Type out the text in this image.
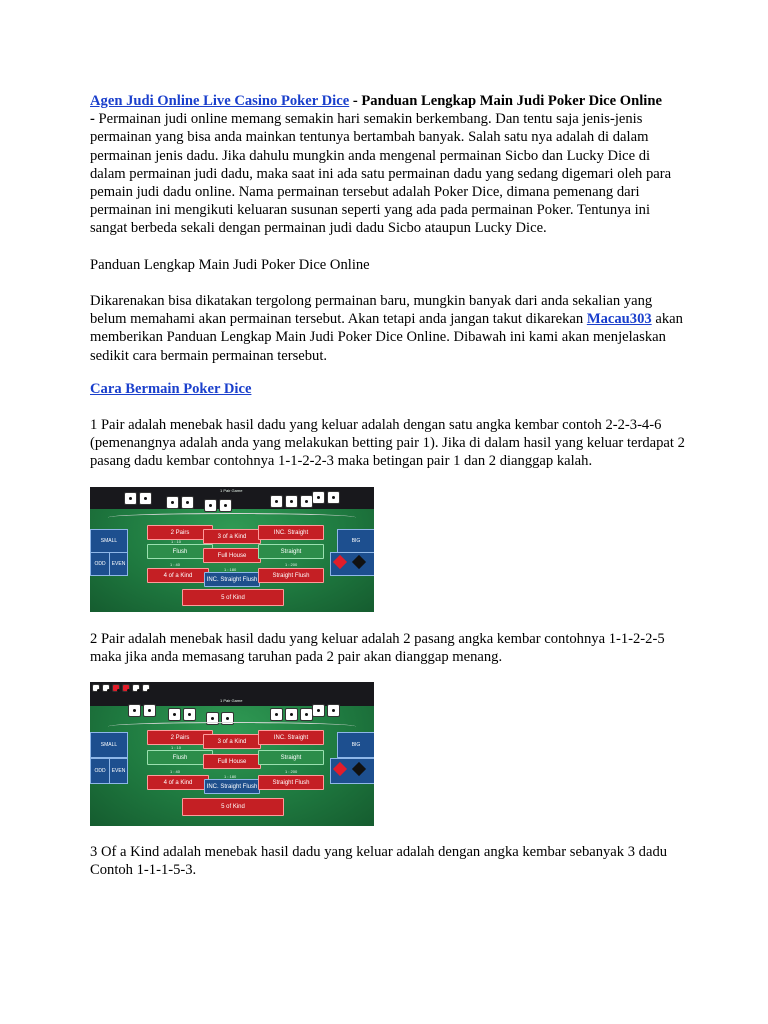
Agen Judi Online Live Casino Poker Dice - Panduan Lengkap Main Judi Poker Dice Online
- Permainan judi online memang semakin hari semakin berkembang. Dan tentu saja jenis-jenis permainan yang bisa anda mainkan tentunya bertambah banyak. Salah satu nya adalah di dalam permainan jenis dadu. Jika dahulu mungkin anda mengenal permainan Sicbo dan Lucky Dice di dalam permainan judi dadu, maka saat ini ada satu permainan dadu yang sedang digemari oleh para pemain judi dadu online. Nama permainan tersebut adalah Poker Dice, dimana pemenang dari permainan ini mengikuti keluaran susunan seperti yang ada pada permainan Poker. Tentunya ini sangat berbeda sekali dengan permainan judi dadu Sicbo ataupun Lucky Dice.

Panduan Lengkap Main Judi Poker Dice Online
Dikarenakan bisa dikatakan tergolong permainan baru, mungkin banyak dari anda sekalian yang belum memahami akan permainan tersebut. Akan tetapi anda jangan takut dikarekan Macau303 akan memberikan Panduan Lengkap Main Judi Poker Dice Online. Dibawah ini kami akan menjelaskan sedikit cara bermain permainan tersebut.
Cara Bermain Poker Dice
1 Pair adalah menebak hasil dadu yang keluar adalah dengan satu angka kembar contoh 2-2-3-4-6 (pemenangnya adalah anda yang melakukan betting pair 1). Jika di dalam hasil yang keluar terdapat 2 pasang dadu kembar contohnya 1-1-2-2-3 maka betingan pair 1 dan 2 dianggap kalah.
1 Pair Game
SMALL
ODD	EVEN
BIG
2 Pairs
3 of a Kind
INC. Straight
Flush
Full House
Straight
4 of a Kind
INC. Straight Flush
Straight Flush
5 of Kind
1 : 10
1 : 40
1 : 180
1 : 200
2 Pair adalah menebak hasil dadu yang keluar adalah 2 pasang angka kembar contohnya 1-1-2-2-5 maka jika anda memasang taruhan pada 2 pair akan dianggap menang.
1 Pair Game
SMALL
ODD	EVEN
BIG
2 Pairs
3 of a Kind
INC. Straight
Flush
Full House
Straight
4 of a Kind
INC. Straight Flush
Straight Flush
5 of Kind
1 : 10
1 : 40
1 : 180
1 : 200
3 Of a Kind adalah menebak hasil dadu yang keluar adalah dengan angka kembar sebanyak 3 dadu Contoh 1-1-1-5-3.
